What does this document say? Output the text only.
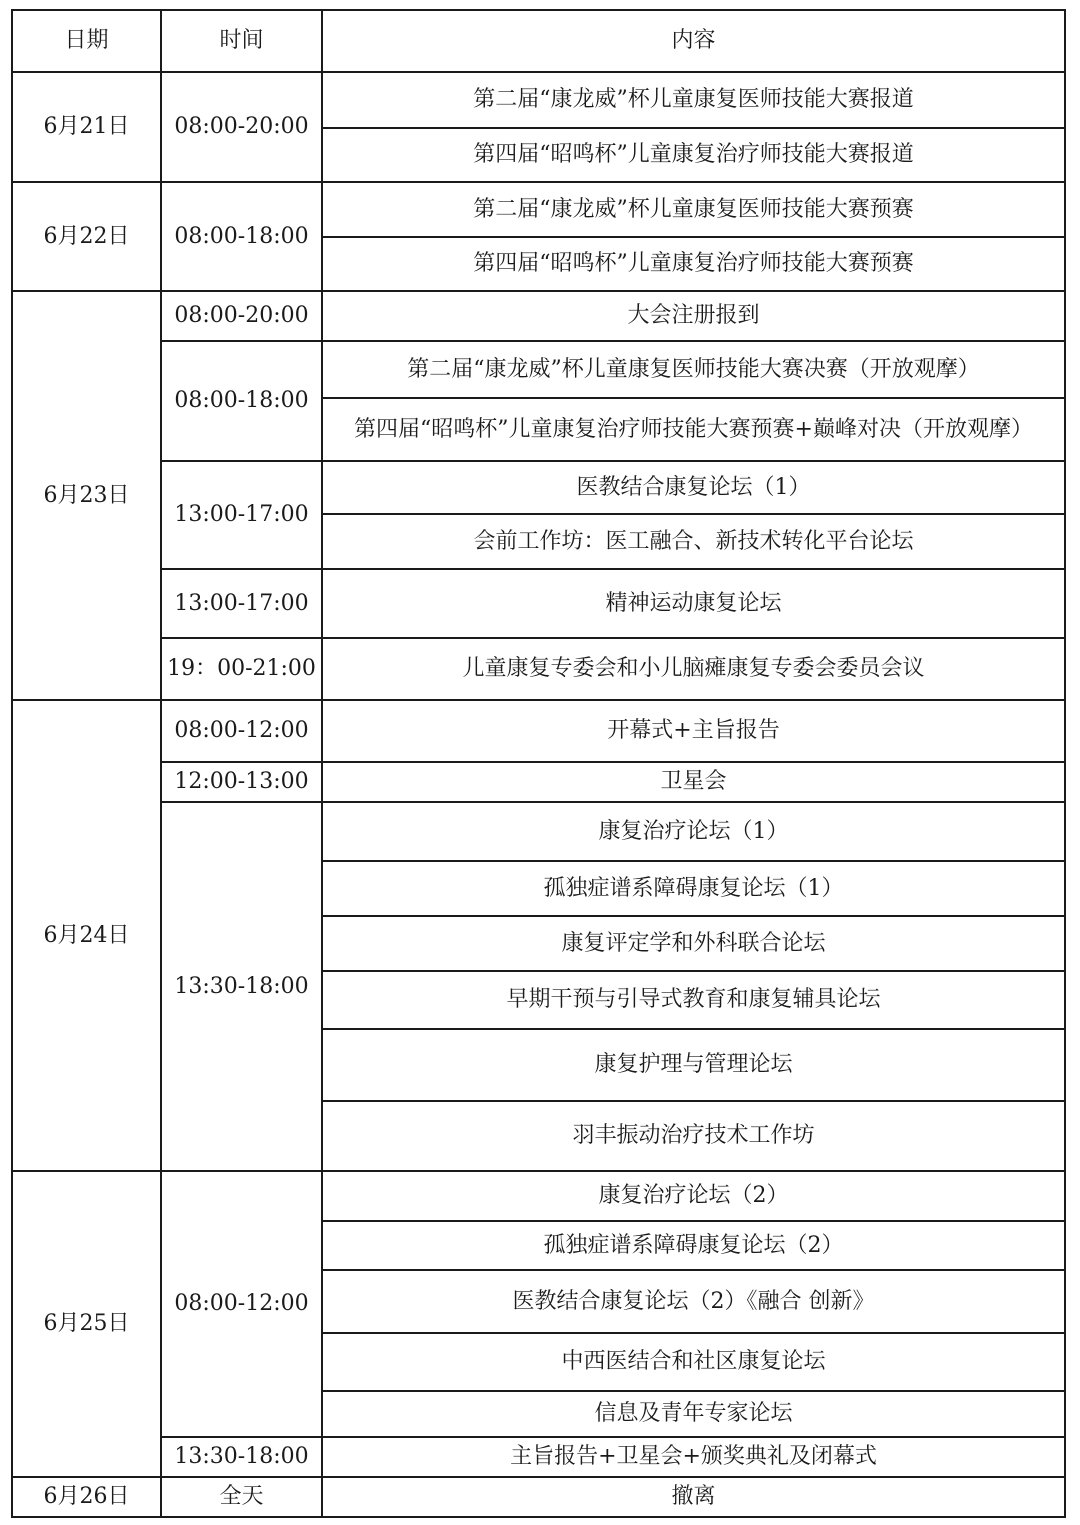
日期	时间	内容
6月21日	08:00-20:00	第二届“康龙威”杯儿童康复医师技能大赛报道
		第四届“昭鸣杯”儿童康复治疗师技能大赛报道
6月22日	08:00-18:00	第二届“康龙威”杯儿童康复医师技能大赛预赛
		第四届“昭鸣杯”儿童康复治疗师技能大赛预赛
6月23日	08:00-20:00	大会注册报到
	08:00-18:00	第二届“康龙威”杯儿童康复医师技能大赛决赛（开放观摩）
		第四届“昭鸣杯”儿童康复治疗师技能大赛预赛+巅峰对决（开放观摩）
	13:00-17:00	医教结合康复论坛（1）
		会前工作坊：医工融合、新技术转化平台论坛
	13:00-17:00	精神运动康复论坛
	19：00-21:00	儿童康复专委会和小儿脑瘫康复专委会委员会议
6月24日	08:00-12:00	开幕式+主旨报告
	12:00-13:00	卫星会
	13:30-18:00	康复治疗论坛（1）
		孤独症谱系障碍康复论坛（1）
		康复评定学和外科联合论坛
		早期干预与引导式教育和康复辅具论坛
		康复护理与管理论坛
		羽丰振动治疗技术工作坊
6月25日	08:00-12:00	康复治疗论坛（2）
		孤独症谱系障碍康复论坛（2）
		医教结合康复论坛（2）《融合 创新》
		中西医结合和社区康复论坛
		信息及青年专家论坛
	13:30-18:00	主旨报告+卫星会+颁奖典礼及闭幕式
6月26日	全天	撤离
